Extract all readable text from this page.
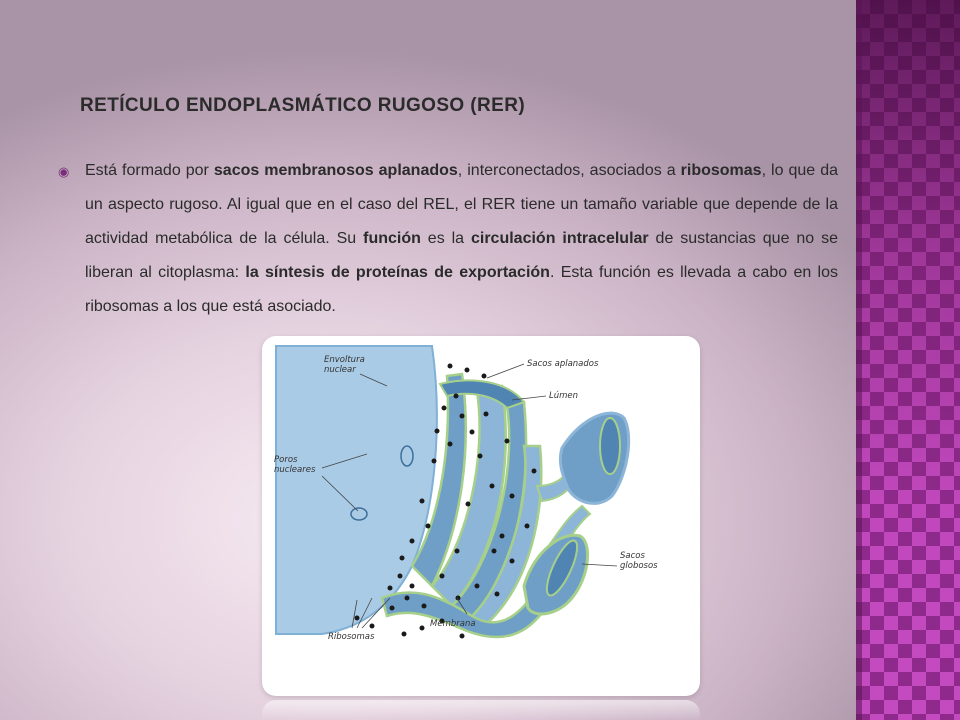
RETÍCULO ENDOPLASMÁTICO RUGOSO (RER)
◉ Está formado por sacos membranosos aplanados, interconectados, asociados a ribosomas, lo que da un aspecto rugoso. Al igual que en el caso del REL, el RER tiene un tamaño variable que depende de la actividad metabólica de la célula. Su función es la circulación intracelular de sustancias que no se liberan al citoplasma: la síntesis de proteínas de exportación. Esta función es llevada a cabo en los ribosomas a los que está asociado.
Envoltura
nuclear
Poros
nucleares
Sacos aplanados
Lúmen
Sacos
globosos
Ribosomas
Membrana
